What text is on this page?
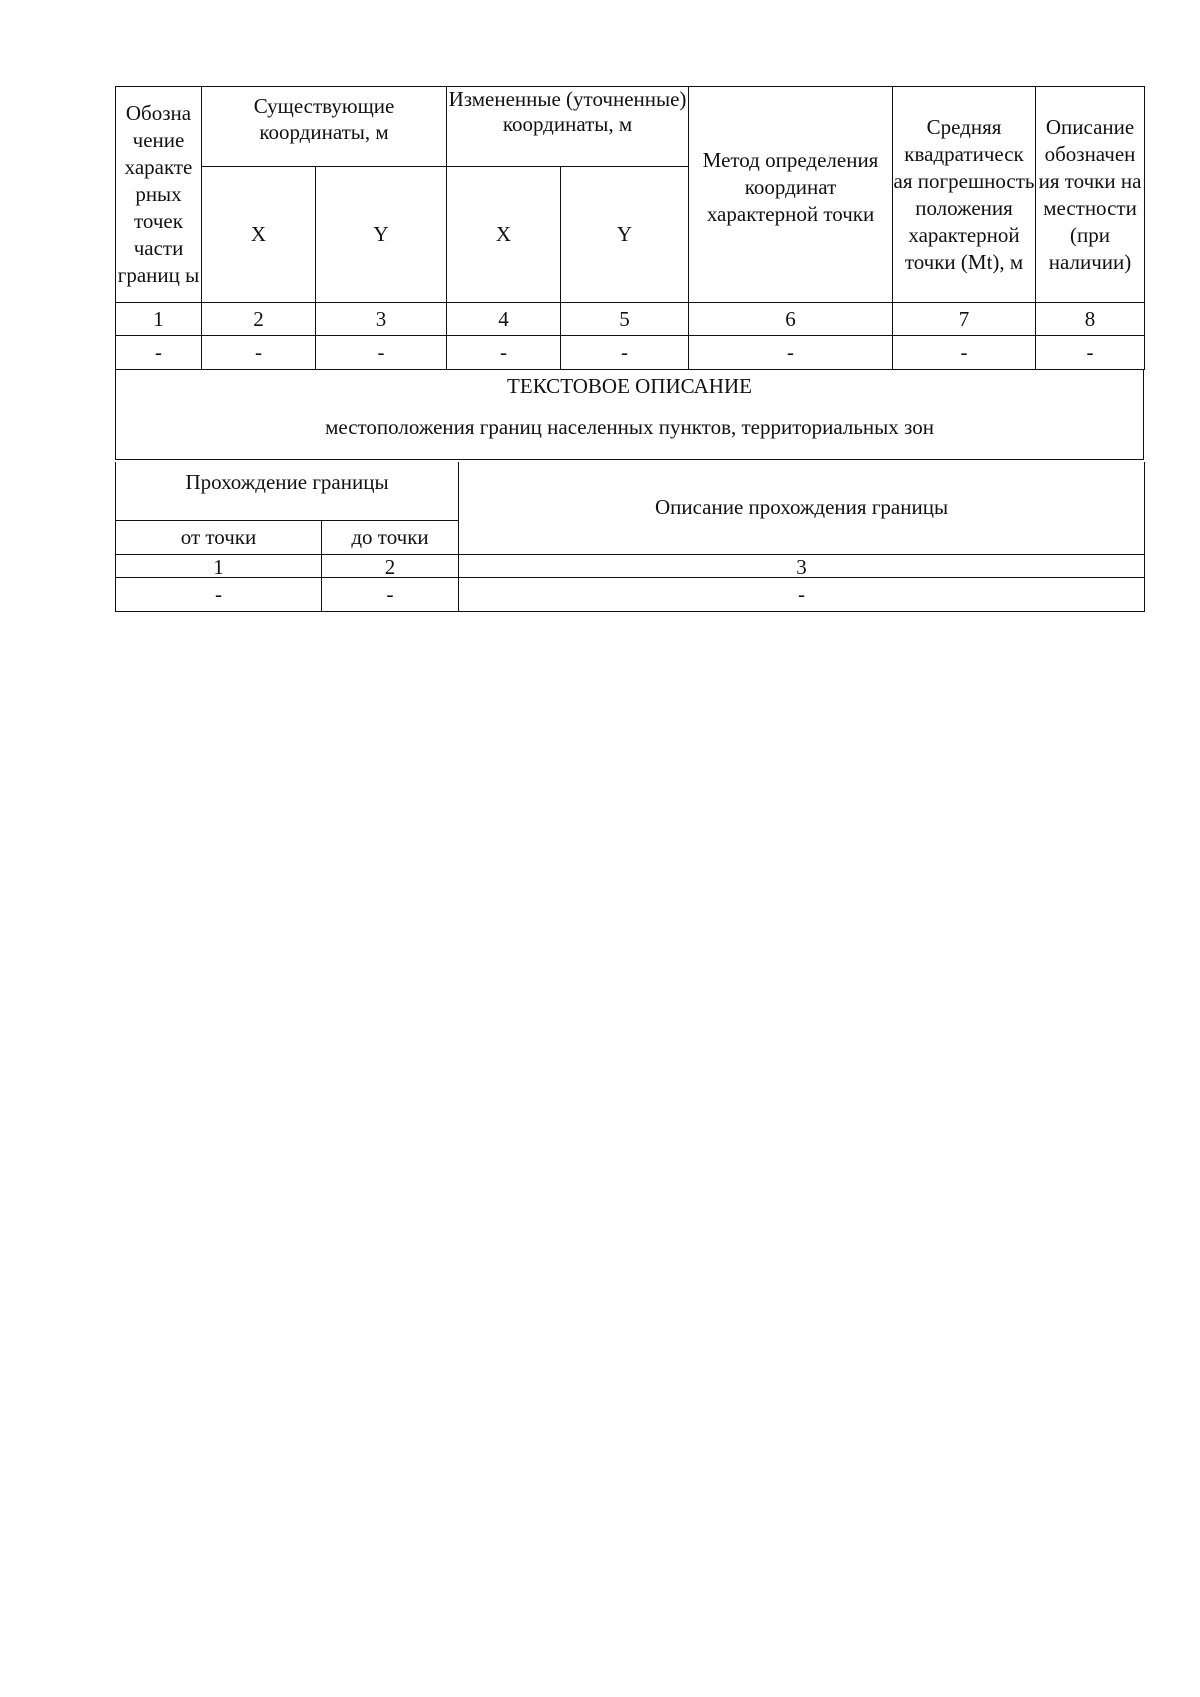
Обозна чение характе рных точек части границ ы	Существующие координаты, м		Измененные (уточненные) координаты, м		Метод определения координат характерной точки	Средняя квадратическ ая погрешность положения характерной точки (Mt), м	Описание обозначен ия точки на местности (при наличии)
	X	Y	X	Y			
1	2	3	4	5	6	7	8
-	-	-	-	-	-	-	-
ТЕКСТОВОЕ ОПИСАНИЕ
местоположения границ населенных пунктов, территориальных зон
Прохождение границы		Описание прохождения границы
от точки	до точки	
1	2	3
-	-	-
